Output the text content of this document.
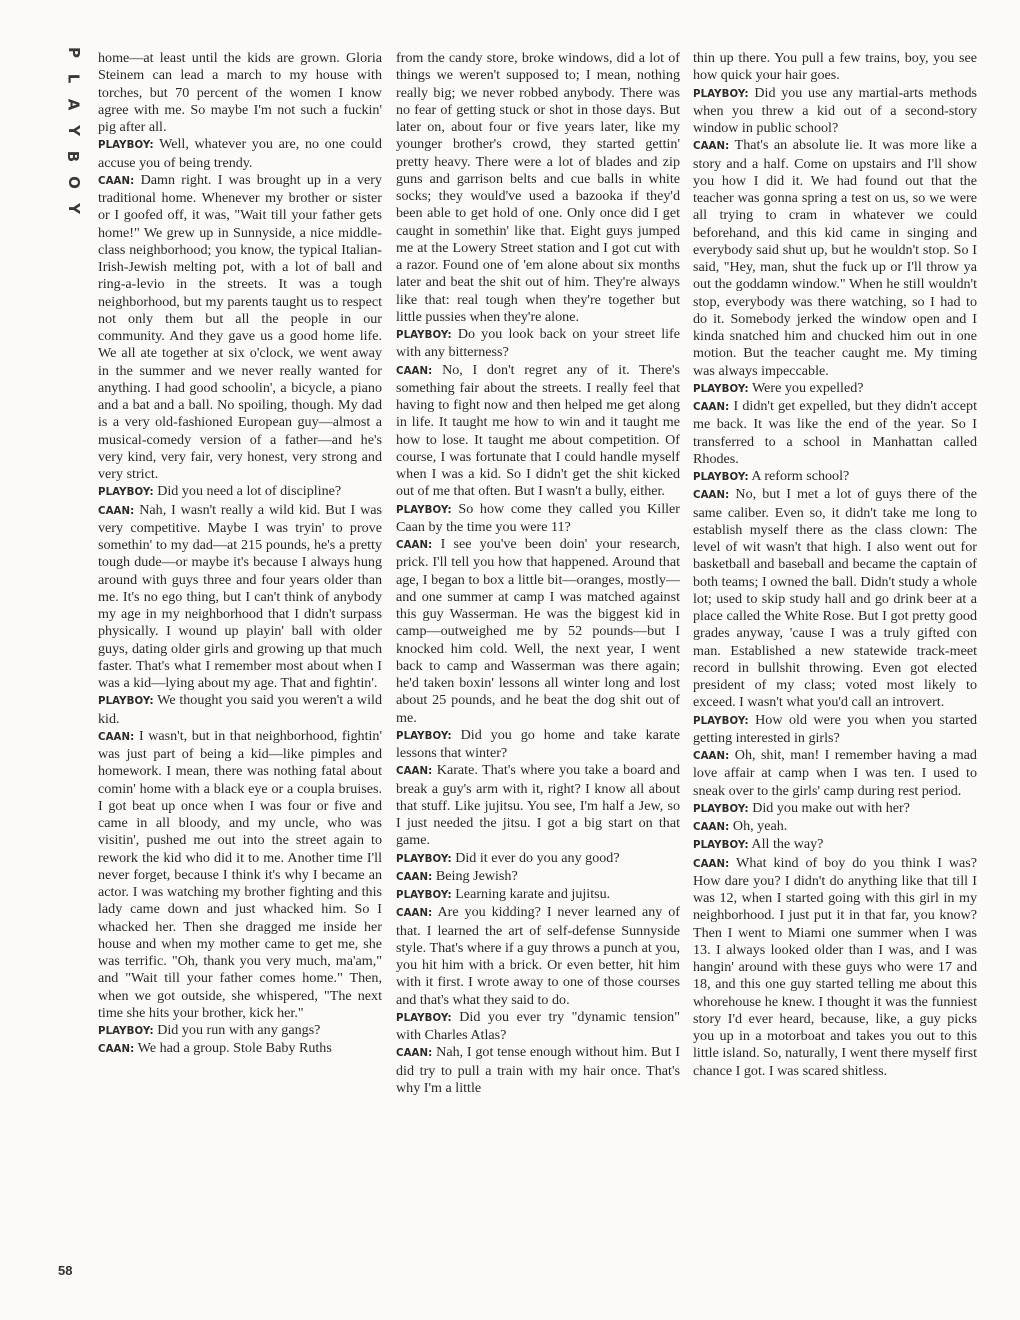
P
L
A
Y
B
O
Y

home—at least until the kids are grown. Gloria Steinem can lead a march to my house with torches, but 70 percent of the women I know agree with me. So maybe I'm not such a fuckin' pig after all.

PLAYBOY: Well, whatever you are, no one could accuse you of being trendy.

CAAN: Damn right. I was brought up in a very traditional home. Whenever my brother or sister or I goofed off, it was, "Wait till your father gets home!" We grew up in Sunnyside, a nice middle-class neighborhood; you know, the typical Italian-Irish-Jewish melting pot, with a lot of ball and ring-a-levio in the streets. It was a tough neighborhood, but my parents taught us to respect not only them but all the people in our community. And they gave us a good home life. We all ate together at six o'clock, we went away in the summer and we never really wanted for anything. I had good schoolin', a bicycle, a piano and a bat and a ball. No spoiling, though. My dad is a very old-fashioned European guy—almost a musical-comedy version of a father—and he's very kind, very fair, very honest, very strong and very strict.

PLAYBOY: Did you need a lot of discipline?

CAAN: Nah, I wasn't really a wild kid. But I was very competitive. Maybe I was tryin' to prove somethin' to my dad—at 215 pounds, he's a pretty tough dude—or maybe it's because I always hung around with guys three and four years older than me. It's no ego thing, but I can't think of anybody my age in my neighborhood that I didn't surpass physically. I wound up playin' ball with older guys, dating older girls and growing up that much faster. That's what I remember most about when I was a kid—lying about my age. That and fightin'.

PLAYBOY: We thought you said you weren't a wild kid.

CAAN: I wasn't, but in that neighborhood, fightin' was just part of being a kid—like pimples and homework. I mean, there was nothing fatal about comin' home with a black eye or a coupla bruises. I got beat up once when I was four or five and came in all bloody, and my uncle, who was visitin', pushed me out into the street again to rework the kid who did it to me. Another time I'll never forget, because I think it's why I became an actor. I was watching my brother fighting and this lady came down and just whacked him. So I whacked her. Then she dragged me inside her house and when my mother came to get me, she was terrific. "Oh, thank you very much, ma'am," and "Wait till your father comes home." Then, when we got outside, she whispered, "The next time she hits your brother, kick her."

PLAYBOY: Did you run with any gangs?

CAAN: We had a group. Stole Baby Ruths

from the candy store, broke windows, did a lot of things we weren't supposed to; I mean, nothing really big; we never robbed anybody. There was no fear of getting stuck or shot in those days. But later on, about four or five years later, like my younger brother's crowd, they started gettin' pretty heavy. There were a lot of blades and zip guns and garrison belts and cue balls in white socks; they would've used a bazooka if they'd been able to get hold of one. Only once did I get caught in somethin' like that. Eight guys jumped me at the Lowery Street station and I got cut with a razor. Found one of 'em alone about six months later and beat the shit out of him. They're always like that: real tough when they're together but little pussies when they're alone.

PLAYBOY: Do you look back on your street life with any bitterness?

CAAN: No, I don't regret any of it. There's something fair about the streets. I really feel that having to fight now and then helped me get along in life. It taught me how to win and it taught me how to lose. It taught me about competition. Of course, I was fortunate that I could handle myself when I was a kid. So I didn't get the shit kicked out of me that often. But I wasn't a bully, either.

PLAYBOY: So how come they called you Killer Caan by the time you were 11?

CAAN: I see you've been doin' your research, prick. I'll tell you how that happened. Around that age, I began to box a little bit—oranges, mostly—and one summer at camp I was matched against this guy Wasserman. He was the biggest kid in camp—outweighed me by 52 pounds—but I knocked him cold. Well, the next year, I went back to camp and Wasserman was there again; he'd taken boxin' lessons all winter long and lost about 25 pounds, and he beat the dog shit out of me.

PLAYBOY: Did you go home and take karate lessons that winter?

CAAN: Karate. That's where you take a board and break a guy's arm with it, right? I know all about that stuff. Like jujitsu. You see, I'm half a Jew, so I just needed the jitsu. I got a big start on that game.

PLAYBOY: Did it ever do you any good?

CAAN: Being Jewish?

PLAYBOY: Learning karate and jujitsu.

CAAN: Are you kidding? I never learned any of that. I learned the art of self-defense Sunnyside style. That's where if a guy throws a punch at you, you hit him with a brick. Or even better, hit him with it first. I wrote away to one of those courses and that's what they said to do.

PLAYBOY: Did you ever try "dynamic tension" with Charles Atlas?

CAAN: Nah, I got tense enough without him. But I did try to pull a train with my hair once. That's why I'm a little

thin up there. You pull a few trains, boy, you see how quick your hair goes.

PLAYBOY: Did you use any martial-arts methods when you threw a kid out of a second-story window in public school?

CAAN: That's an absolute lie. It was more like a story and a half. Come on upstairs and I'll show you how I did it. We had found out that the teacher was gonna spring a test on us, so we were all trying to cram in whatever we could beforehand, and this kid came in singing and everybody said shut up, but he wouldn't stop. So I said, "Hey, man, shut the fuck up or I'll throw ya out the goddamn window." When he still wouldn't stop, everybody was there watching, so I had to do it. Somebody jerked the window open and I kinda snatched him and chucked him out in one motion. But the teacher caught me. My timing was always impeccable.

PLAYBOY: Were you expelled?

CAAN: I didn't get expelled, but they didn't accept me back. It was like the end of the year. So I transferred to a school in Manhattan called Rhodes.

PLAYBOY: A reform school?

CAAN: No, but I met a lot of guys there of the same caliber. Even so, it didn't take me long to establish myself there as the class clown: The level of wit wasn't that high. I also went out for basketball and baseball and became the captain of both teams; I owned the ball. Didn't study a whole lot; used to skip study hall and go drink beer at a place called the White Rose. But I got pretty good grades anyway, 'cause I was a truly gifted con man. Established a new statewide track-meet record in bullshit throwing. Even got elected president of my class; voted most likely to exceed. I wasn't what you'd call an introvert.

PLAYBOY: How old were you when you started getting interested in girls?

CAAN: Oh, shit, man! I remember having a mad love affair at camp when I was ten. I used to sneak over to the girls' camp during rest period.

PLAYBOY: Did you make out with her?

CAAN: Oh, yeah.

PLAYBOY: All the way?

CAAN: What kind of boy do you think I was? How dare you? I didn't do anything like that till I was 12, when I started going with this girl in my neighborhood. I just put it in that far, you know? Then I went to Miami one summer when I was 13. I always looked older than I was, and I was hangin' around with these guys who were 17 and 18, and this one guy started telling me about this whorehouse he knew. I thought it was the funniest story I'd ever heard, because, like, a guy picks you up in a motorboat and takes you out to this little island. So, naturally, I went there myself first chance I got. I was scared shitless.

58
